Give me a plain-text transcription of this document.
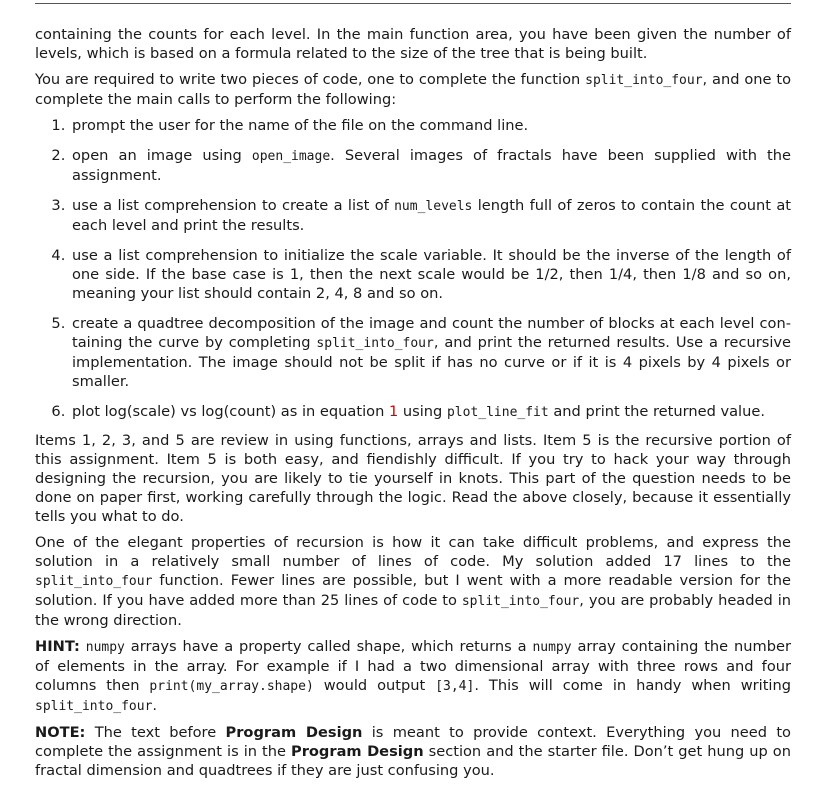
containing the counts for each level. In the main function area, you have been given the number of levels, which is based on a formula related to the size of the tree that is being built.

You are required to write two pieces of code, one to complete the function split_into_four, and one to complete the main calls to perform the following:

1. prompt the user for the name of the file on the command line.
2. open an image using open_image. Several images of fractals have been supplied with the assignment.
3. use a list comprehension to create a list of num_levels length full of zeros to contain the count at each level and print the results.
4. use a list comprehension to initialize the scale variable. It should be the inverse of the length of one side. If the base case is 1, then the next scale would be 1/2, then 1/4, then 1/8 and so on, meaning your list should contain 2, 4, 8 and so on.
5. create a quadtree decomposition of the image and count the number of blocks at each level containing the curve by completing split_into_four, and print the returned results. Use a recursive implementation. The image should not be split if has no curve or if it is 4 pixels by 4 pixels or smaller.
6. plot log(scale) vs log(count) as in equation 1 using plot_line_fit and print the returned value.

Items 1, 2, 3, and 5 are review in using functions, arrays and lists. Item 5 is the recursive portion of this assignment. Item 5 is both easy, and fiendishly difficult. If you try to hack your way through designing the recursion, you are likely to tie yourself in knots. This part of the question needs to be done on paper first, working carefully through the logic. Read the above closely, because it essentially tells you what to do.

One of the elegant properties of recursion is how it can take difficult problems, and express the solution in a relatively small number of lines of code. My solution added 17 lines to the split_into_four function. Fewer lines are possible, but I went with a more readable version for the solution. If you have added more than 25 lines of code to split_into_four, you are probably headed in the wrong direction.

HINT: numpy arrays have a property called shape, which returns a numpy array containing the number of elements in the array. For example if I had a two dimensional array with three rows and four columns then print(my_array.shape) would output [3,4]. This will come in handy when writing split_into_four.

NOTE: The text before Program Design is meant to provide context. Everything you need to complete the assignment is in the Program Design section and the starter file. Don’t get hung up on fractal dimension and quadtrees if they are just confusing you.
